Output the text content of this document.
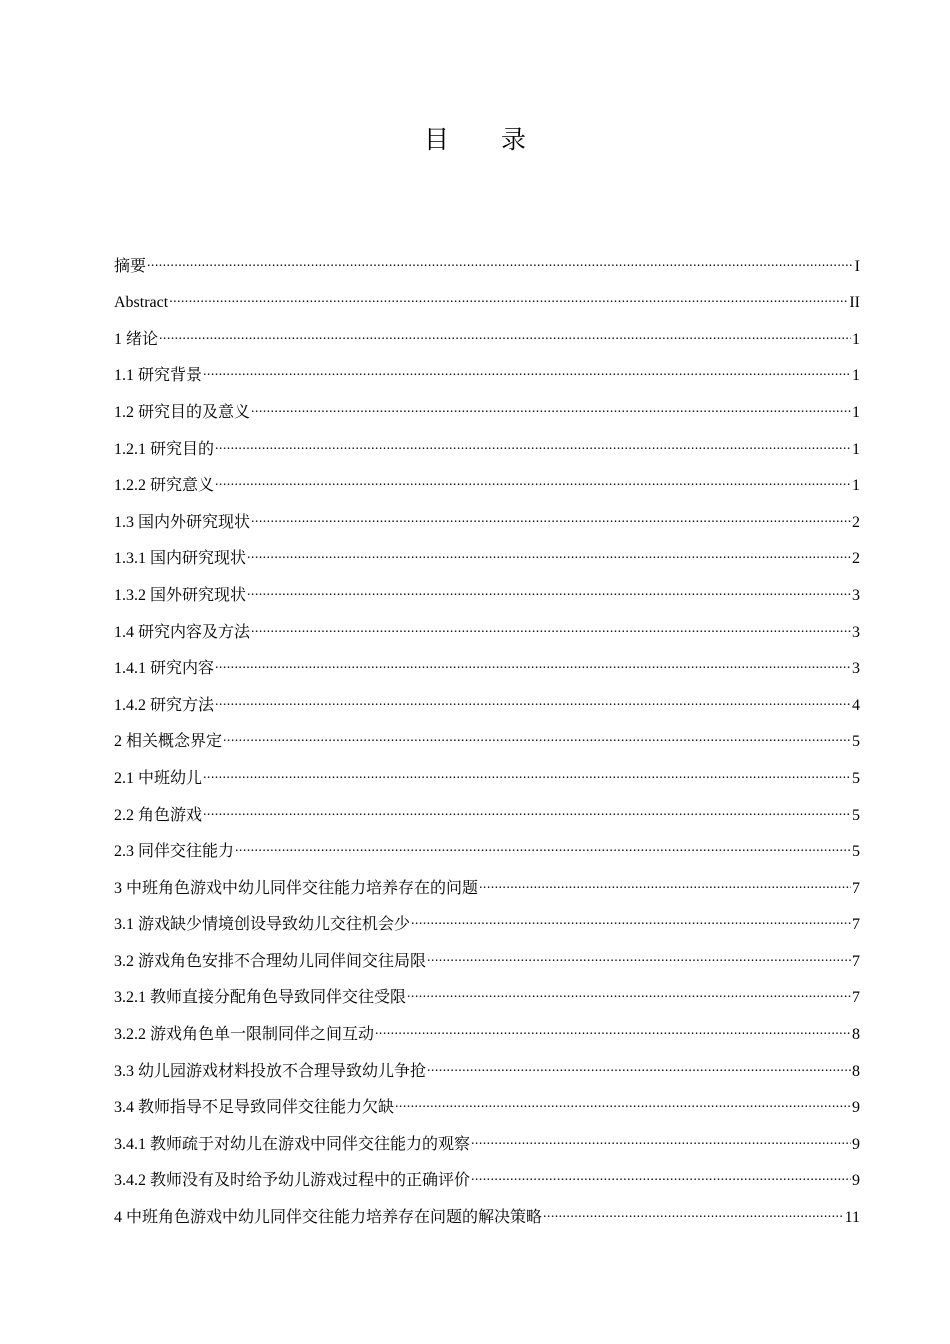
目 录
摘要 .....	I
Abstract .....	II
1 绪论 .....	1
1.1 研究背景 .....	1
1.2 研究目的及意义 .....	1
1.2.1 研究目的 .....	1
1.2.2 研究意义 .....	1
1.3 国内外研究现状 .....	2
1.3.1 国内研究现状 .....	2
1.3.2 国外研究现状 .....	3
1.4 研究内容及方法 .....	3
1.4.1 研究内容 .....	3
1.4.2 研究方法 .....	4
2 相关概念界定 .....	5
2.1 中班幼儿 .....	5
2.2 角色游戏 .....	5
2.3 同伴交往能力 .....	5
3 中班角色游戏中幼儿同伴交往能力培养存在的问题 .....	7
3.1 游戏缺少情境创设导致幼儿交往机会少 .....	7
3.2 游戏角色安排不合理幼儿同伴间交往局限 .....	7
3.2.1 教师直接分配角色导致同伴交往受限 .....	7
3.2.2 游戏角色单一限制同伴之间互动 .....	8
3.3 幼儿园游戏材料投放不合理导致幼儿争抢 .....	8
3.4 教师指导不足导致同伴交往能力欠缺 .....	9
3.4.1 教师疏于对幼儿在游戏中同伴交往能力的观察 .....	9
3.4.2 教师没有及时给予幼儿游戏过程中的正确评价 .....	9
4 中班角色游戏中幼儿同伴交往能力培养存在问题的解决策略 .....	11
